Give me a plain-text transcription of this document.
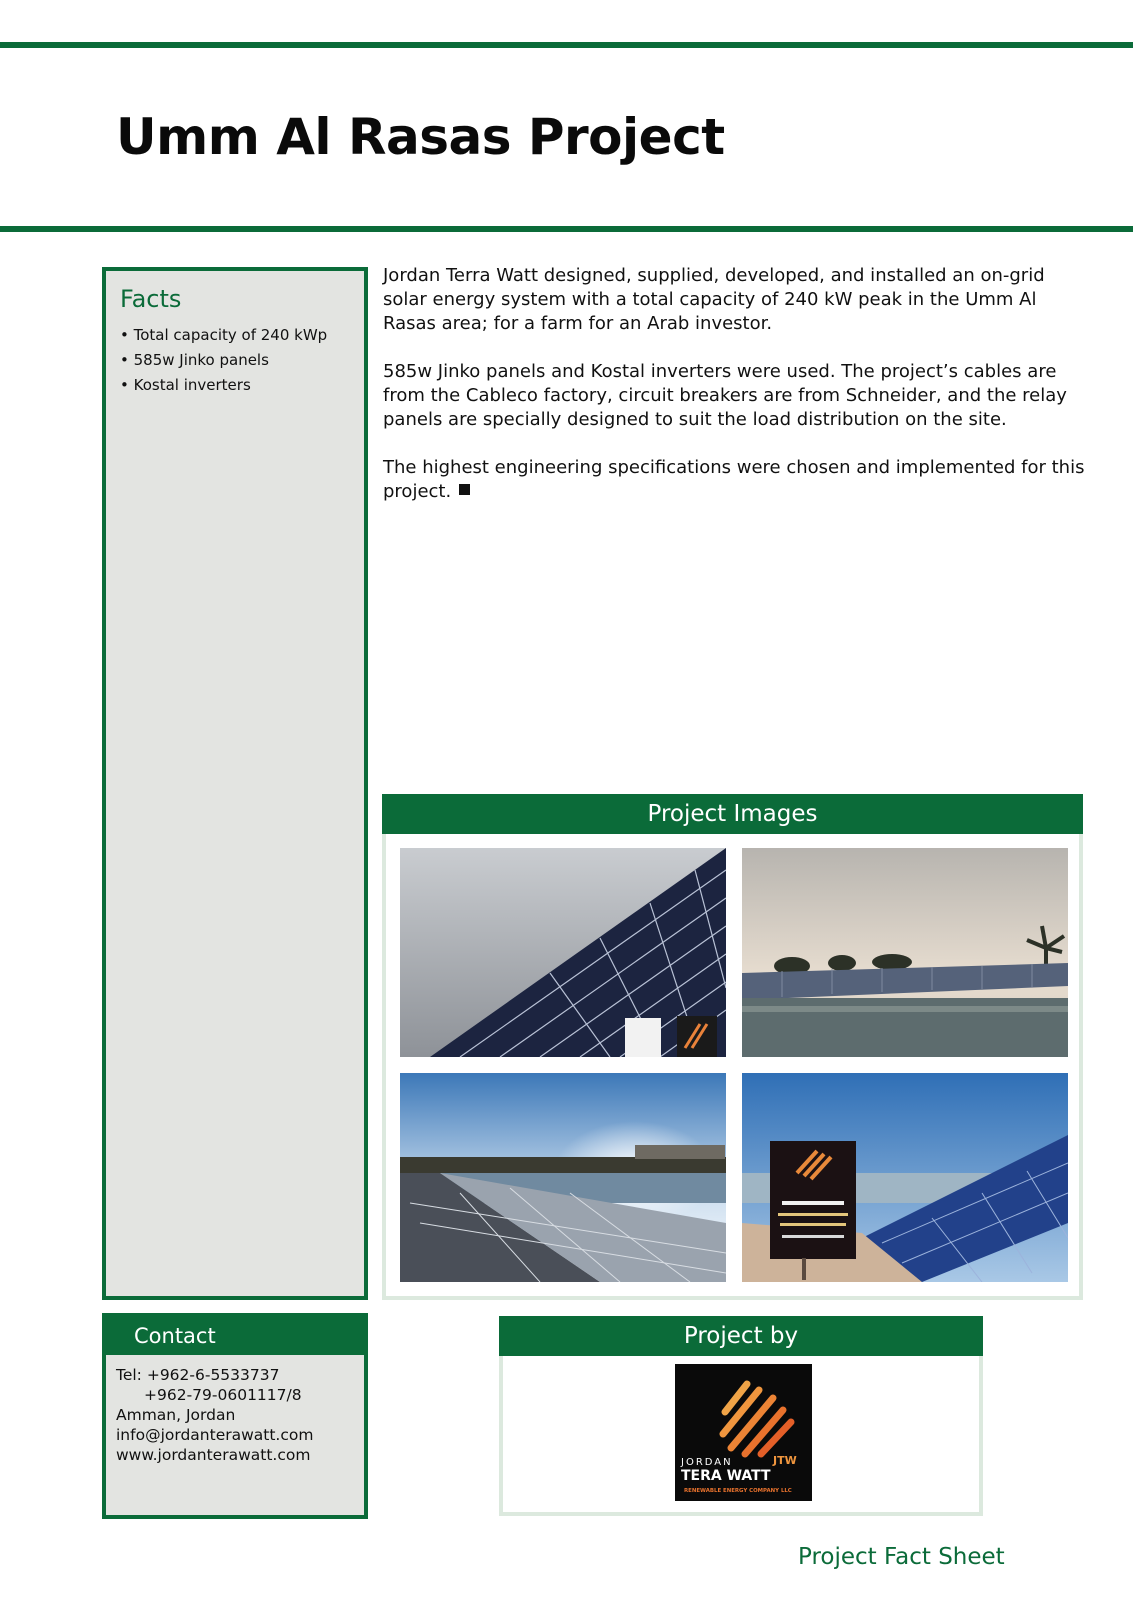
Umm Al Rasas Project
Facts
• Total capacity of 240 kWp
• 585w Jinko panels
• Kostal inverters

Jordan Terra Watt designed, supplied, developed, and installed an on-grid solar energy system with a total capacity of 240 kW peak in the Umm Al Rasas area; for a farm for an Arab investor.

585w Jinko panels and Kostal inverters were used. The project’s cables are from the Cableco factory, circuit breakers are from Schneider, and the relay panels are specially designed to suit the load distribution on the site.

The highest engineering specifications were chosen and implemented for this project.

Project Images
Contact
Tel: +962-6-5533737
+962-79-0601117/8
Amman, Jordan
info@jordanterawatt.com
www.jordanterawatt.com
Project by
JTW
JORDAN
TERA WATT
RENEWABLE ENERGY COMPANY LLC
Project Fact Sheet
